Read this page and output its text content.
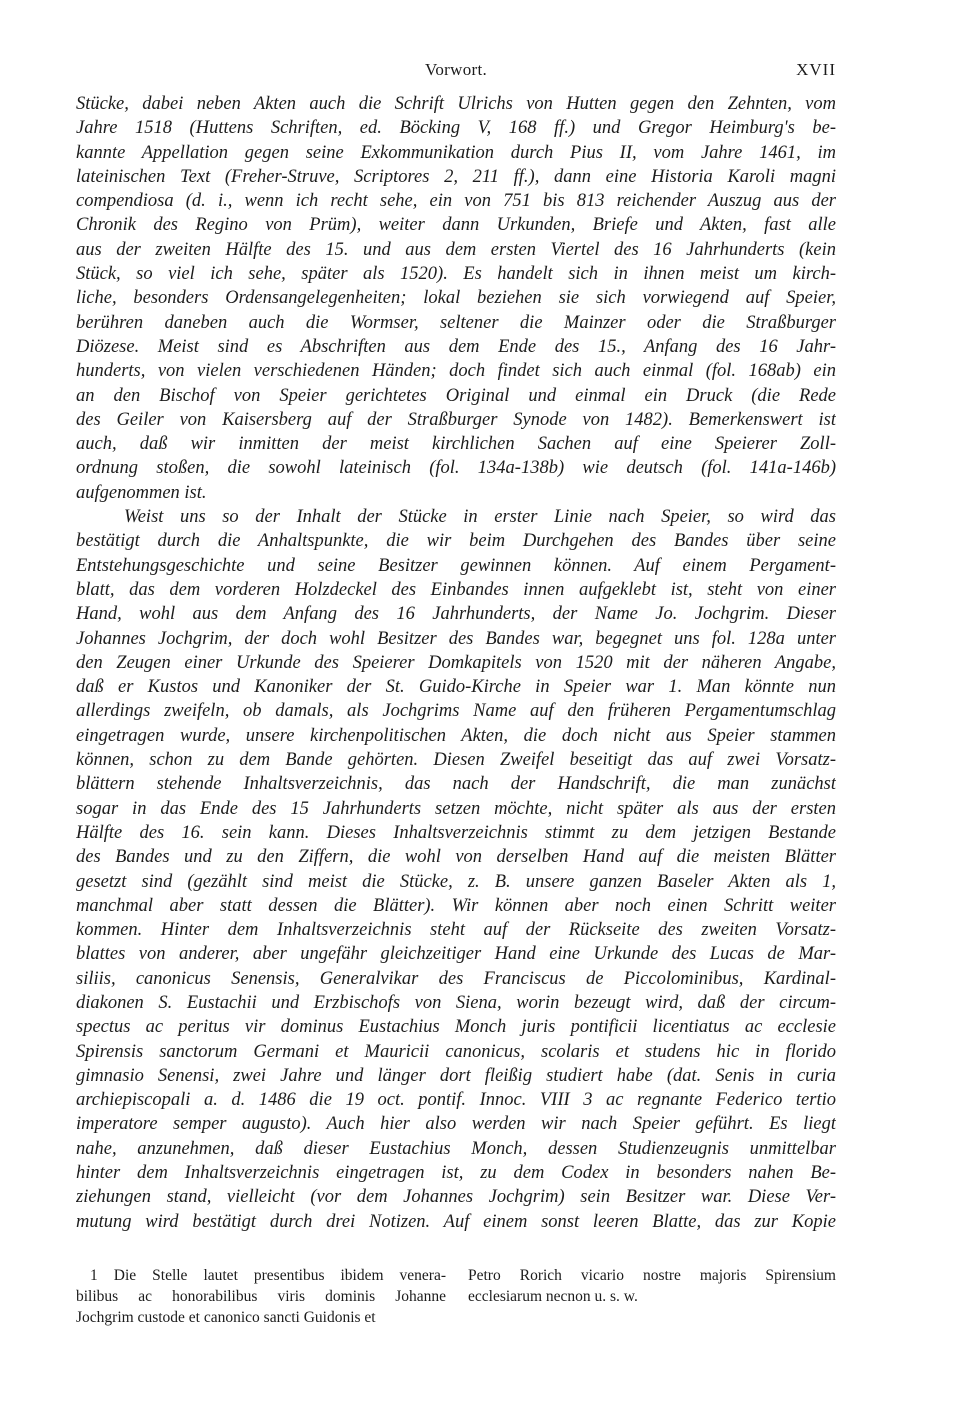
Vorwort.	XVII
Stücke, dabei neben Akten auch die Schrift Ulrichs von Hutten gegen den Zehnten, vom
Jahre 1518 (Huttens Schriften, ed. Böcking V, 168 ff.) und Gregor Heimburg's be-
kannte Appellation gegen seine Exkommunikation durch Pius II, vom Jahre 1461, im
lateinischen Text (Freher-Struve, Scriptores 2, 211 ff.), dann eine Historia Karoli magni
compendiosa (d. i., wenn ich recht sehe, ein von 751 bis 813 reichender Auszug aus der
Chronik des Regino von Prüm), weiter dann Urkunden, Briefe und Akten, fast alle
aus der zweiten Hälfte des 15. und aus dem ersten Viertel des 16 Jahrhunderts (kein
Stück, so viel ich sehe, später als 1520). Es handelt sich in ihnen meist um kirch-
liche, besonders Ordensangelegenheiten; lokal beziehen sie sich vorwiegend auf Speier,
berühren daneben auch die Wormser, seltener die Mainzer oder die Straßburger
Diözese. Meist sind es Abschriften aus dem Ende des 15., Anfang des 16 Jahr-
hunderts, von vielen verschiedenen Händen; doch findet sich auch einmal (fol. 168ab) ein
an den Bischof von Speier gerichtetes Original und einmal ein Druck (die Rede
des Geiler von Kaisersberg auf der Straßburger Synode von 1482). Bemerkenswert ist
auch, daß wir inmitten der meist kirchlichen Sachen auf eine Speierer Zoll-
ordnung stoßen, die sowohl lateinisch (fol. 134a-138b) wie deutsch (fol. 141a-146b)
aufgenommen ist.
Weist uns so der Inhalt der Stücke in erster Linie nach Speier, so wird das
bestätigt durch die Anhaltspunkte, die wir beim Durchgehen des Bandes über seine
Entstehungsgeschichte und seine Besitzer gewinnen können. Auf einem Pergament-
blatt, das dem vorderen Holzdeckel des Einbandes innen aufgeklebt ist, steht von einer
Hand, wohl aus dem Anfang des 16 Jahrhunderts, der Name Jo. Jochgrim. Dieser
Johannes Jochgrim, der doch wohl Besitzer des Bandes war, begegnet uns fol. 128a unter
den Zeugen einer Urkunde des Speierer Domkapitels von 1520 mit der näheren Angabe,
daß er Kustos und Kanoniker der St. Guido-Kirche in Speier war 1. Man könnte nun
allerdings zweifeln, ob damals, als Jochgrims Name auf den früheren Pergamentumschlag
eingetragen wurde, unsere kirchenpolitischen Akten, die doch nicht aus Speier stammen
können, schon zu dem Bande gehörten. Diesen Zweifel beseitigt das auf zwei Vorsatz-
blättern stehende Inhaltsverzeichnis, das nach der Handschrift, die man zunächst
sogar in das Ende des 15 Jahrhunderts setzen möchte, nicht später als aus der ersten
Hälfte des 16. sein kann. Dieses Inhaltsverzeichnis stimmt zu dem jetzigen Bestande
des Bandes und zu den Ziffern, die wohl von derselben Hand auf die meisten Blätter
gesetzt sind (gezählt sind meist die Stücke, z. B. unsere ganzen Baseler Akten als 1,
manchmal aber statt dessen die Blätter). Wir können aber noch einen Schritt weiter
kommen. Hinter dem Inhaltsverzeichnis steht auf der Rückseite des zweiten Vorsatz-
blattes von anderer, aber ungefähr gleichzeitiger Hand eine Urkunde des Lucas de Mar-
siliis, canonicus Senensis, Generalvikar des Franciscus de Piccolominibus, Kardinal-
diakonen S. Eustachii und Erzbischofs von Siena, worin bezeugt wird, daß der circum-
spectus ac peritus vir dominus Eustachius Monch juris pontificii licentiatus ac ecclesie
Spirensis sanctorum Germani et Mauricii canonicus, scolaris et studens hic in florido
gimnasio Senensi, zwei Jahre und länger dort fleißig studiert habe (dat. Senis in curia
archiepiscopali a. d. 1486 die 19 oct. pontif. Innoc. VIII 3 ac regnante Federico tertio
imperatore semper augusto). Auch hier also werden wir nach Speier geführt. Es liegt
nahe, anzunehmen, daß dieser Eustachius Monch, dessen Studienzeugnis unmittelbar
hinter dem Inhaltsverzeichnis eingetragen ist, zu dem Codex in besonders nahen Be-
ziehungen stand, vielleicht (vor dem Johannes Jochgrim) sein Besitzer war. Diese Ver-
mutung wird bestätigt durch drei Notizen. Auf einem sonst leeren Blatte, das zur Kopie
1 Die Stelle lautet presentibus ibidem venera-
bilibus ac honorabilibus viris dominis Johanne
Jochgrim custode et canonico sancti Guidonis et
Petro Rorich vicario nostre majoris Spirensium
ecclesiarum necnon u. s. w.
